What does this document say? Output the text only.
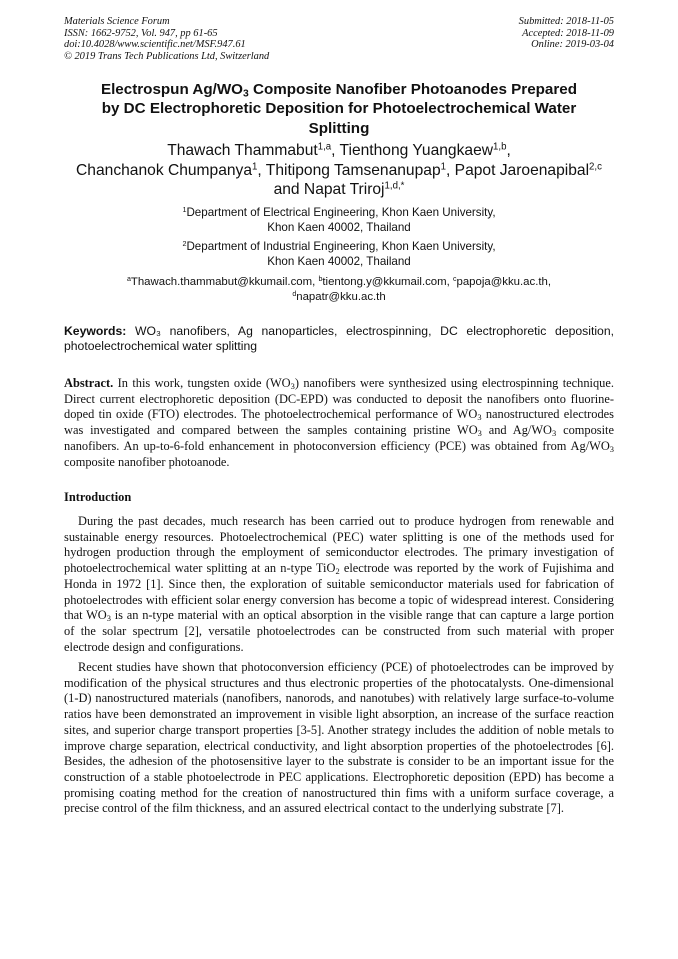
Materials Science Forum
ISSN: 1662-9752, Vol. 947, pp 61-65
doi:10.4028/www.scientific.net/MSF.947.61
© 2019 Trans Tech Publications Ltd, Switzerland
Submitted: 2018-11-05
Accepted: 2018-11-09
Online: 2019-03-04
Electrospun $Ag/WO_3$ Composite Nanofiber Photoanodes Prepared
by DC Electrophoretic Deposition for Photoelectrochemical Water
Splitting
Thawach Thammabut$^{1,a}$, Tienthong Yuangkaew$^{1,b}$,
Chanchanok Chumpanya$^1$, Thitipong Tamsenanupap$^1$, Papot Jaroenapibal$^{2,c}$
and Napat Triroj$^{1,d,*}$
$^1$Department of Electrical Engineering, Khon Kaen University,
Khon Kaen 40002, Thailand
$^2$Department of Industrial Engineering, Khon Kaen University,
Khon Kaen 40002, Thailand
$^a$Thawach.thammabut@kkumail.com, $^b$tientong.y@kkumail.com, $^c$papoja@kku.ac.th,
$^d$napatr@kku.ac.th
Keywords: WO₃ nanofibers, Ag nanoparticles, electrospinning, DC electrophoretic deposition, photoelectrochemical water splitting
Abstract. In this work, tungsten oxide $(WO_3)$ nanofibers were synthesized using electrospinning technique. Direct current electrophoretic deposition (DC-EPD) was conducted to deposit the nanofibers onto fluorine-doped tin oxide (FTO) electrodes. The photoelectrochemical performance of $WO_3$ nanostructured electrodes was investigated and compared between the samples containing pristine $WO_3$ and $Ag/WO_3$ composite nanofibers. An up-to-6-fold enhancement in photoconversion efficiency (PCE) was obtained from $Ag/WO_3$ composite nanofiber photoanode.
Introduction
During the past decades, much research has been carried out to produce hydrogen from renewable and sustainable energy resources. Photoelectrochemical (PEC) water splitting is one of the methods used for hydrogen production through the employment of semiconductor electrodes. The primary investigation of photoelectrochemical water splitting at an n-type TiO$_2$ electrode was reported by the work of Fujishima and Honda in 1972 [1]. Since then, the exploration of suitable semiconductor materials used for fabrication of photoelectrodes with efficient solar energy conversion has become a topic of widespread interest. Considering that $WO_3$ is an n-type material with an optical absorption in the visible range that can capture a large portion of the solar spectrum [2], versatile photoelectrodes can be constructed from such material with proper electrode design and configurations.
Recent studies have shown that photoconversion efficiency (PCE) of photoelectrodes can be improved by modification of the physical structures and thus electronic properties of the photocatalysts. One-dimensional (1-D) nanostructured materials (nanofibers, nanorods, and nanotubes) with relatively large surface-to-volume ratios have been demonstrated an improvement in visible light absorption, an increase of the surface reaction sites, and superior charge transport properties [3-5]. Another strategy includes the addition of noble metals to improve charge separation, electrical conductivity, and light absorption properties of the photoelectrodes [6]. Besides, the adhesion of the photosensitive layer to the substrate is consider to be an important issue for the construction of a stable photoelectrode in PEC applications. Electrophoretic deposition (EPD) has become a promising coating method for the creation of nanostructured thin fims with a uniform surface coverage, a precise control of the film thickness, and an assured electrical contact to the underlying substrate [7].
